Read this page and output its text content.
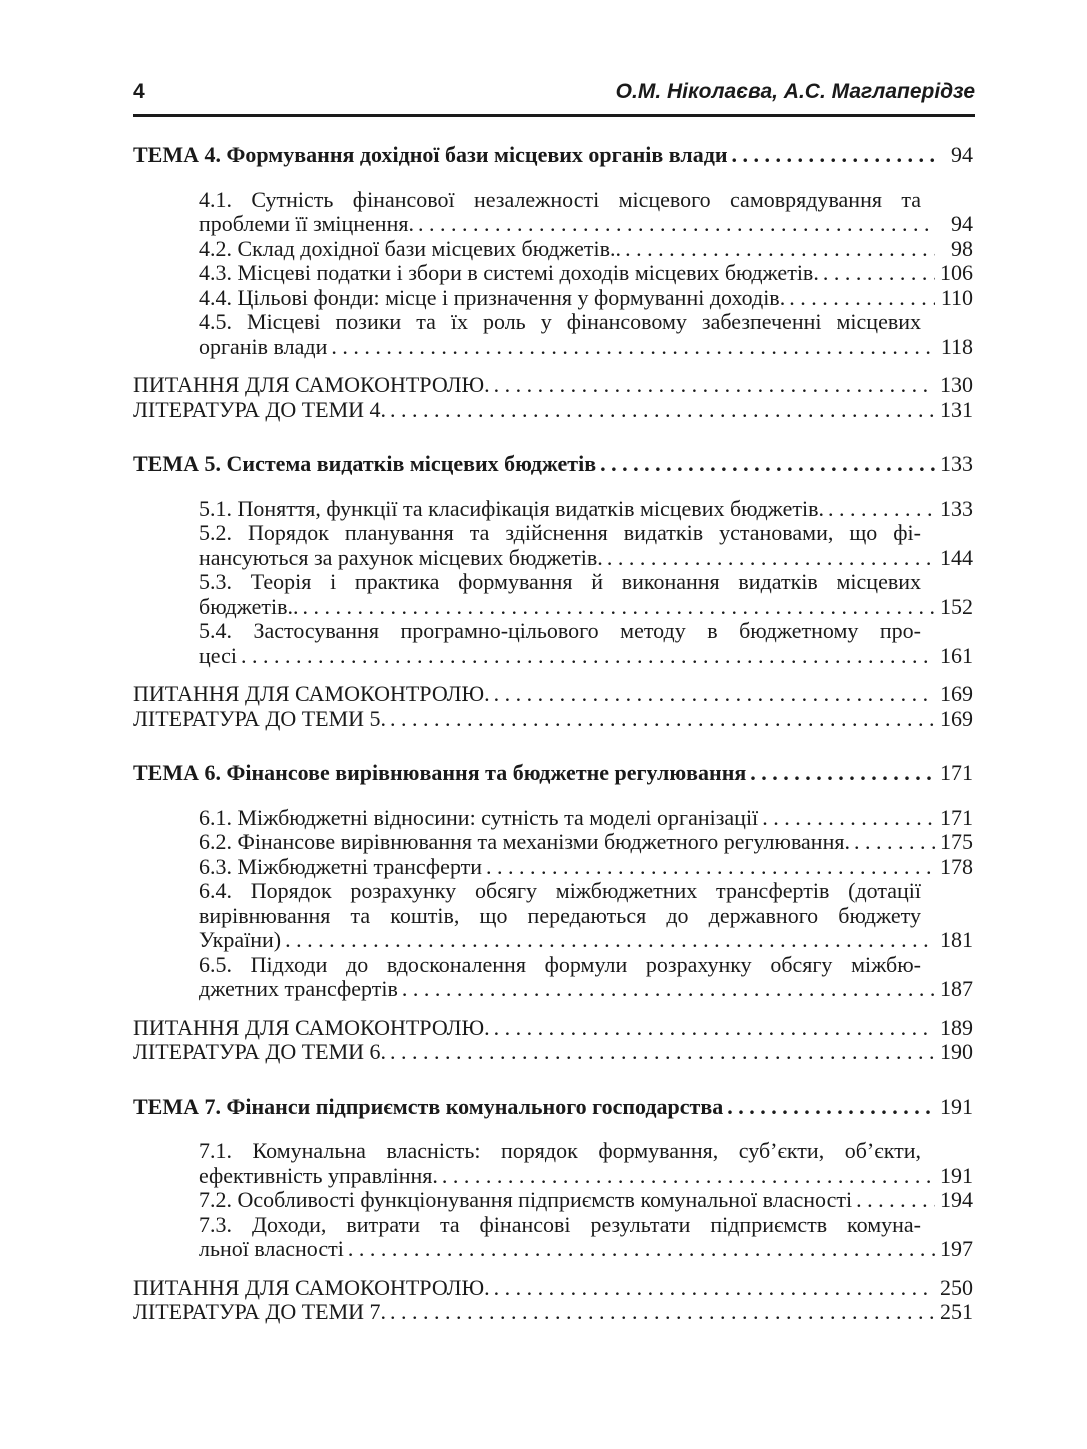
4	О.М. Ніколаєва, А.С. Маглаперідзе
ТЕМА 4. Формування дохідної бази місцевих органів влади . . .	94
4.1. Сутність фінансової незалежності місцевого самоврядування та
проблеми її зміцнення. . . .	94
4.2. Склад дохідної бази місцевих бюджетів.. . . .	98
4.3. Місцеві податки і збори в системі доходів місцевих бюджетів. . . .	106
4.4. Цільові фонди: місце і призначення у формуванні доходів. . . .	110
4.5. Місцеві позики та їх роль у фінансовому забезпеченні місцевих
органів влади . . .	118
ПИТАННЯ ДЛЯ САМОКОНТРОЛЮ. . . .	130
ЛІТЕРАТУРА ДО ТЕМИ 4. . . .	131
ТЕМА 5. Система видатків місцевих бюджетів . . .	133
5.1. Поняття, функції та класифікація видатків місцевих бюджетів. . . .	133
5.2. Порядок планування та здійснення видатків установами, що фі-
нансуються за рахунок місцевих бюджетів. . . .	144
5.3. Теорія і практика формування й виконання видатків місцевих
бюджетів.. . . .	152
5.4. Застосування програмно-цільового методу в бюджетному про-
цесі . . .	161
ПИТАННЯ ДЛЯ САМОКОНТРОЛЮ. . . .	169
ЛІТЕРАТУРА ДО ТЕМИ 5. . . .	169
ТЕМА 6. Фінансове вирівнювання та бюджетне регулювання . . .	171
6.1. Міжбюджетні відносини: сутність та моделі організації . . .	171
6.2. Фінансове вирівнювання та механізми бюджетного регулювання. . . .	175
6.3. Міжбюджетні трансферти . . .	178
6.4. Порядок розрахунку обсягу міжбюджетних трансфертів (дотації
вирівнювання та коштів, що передаються до державного бюджету
України) . . .	181
6.5. Підходи до вдосконалення формули розрахунку обсягу міжбю-
джетних трансфертів . . .	187
ПИТАННЯ ДЛЯ САМОКОНТРОЛЮ. . . .	189
ЛІТЕРАТУРА ДО ТЕМИ 6. . . .	190
ТЕМА 7. Фінанси підприємств комунального господарства . . .	191
7.1. Комунальна власність: порядок формування, суб’єкти, об’єкти,
ефективність управління. . . .	191
7.2. Особливості функціонування підприємств комунальної власності . . .	194
7.3. Доходи, витрати та фінансові результати підприємств комуна-
льної власності . . .	197
ПИТАННЯ ДЛЯ САМОКОНТРОЛЮ. . . .	250
ЛІТЕРАТУРА ДО ТЕМИ 7. . . .	251
